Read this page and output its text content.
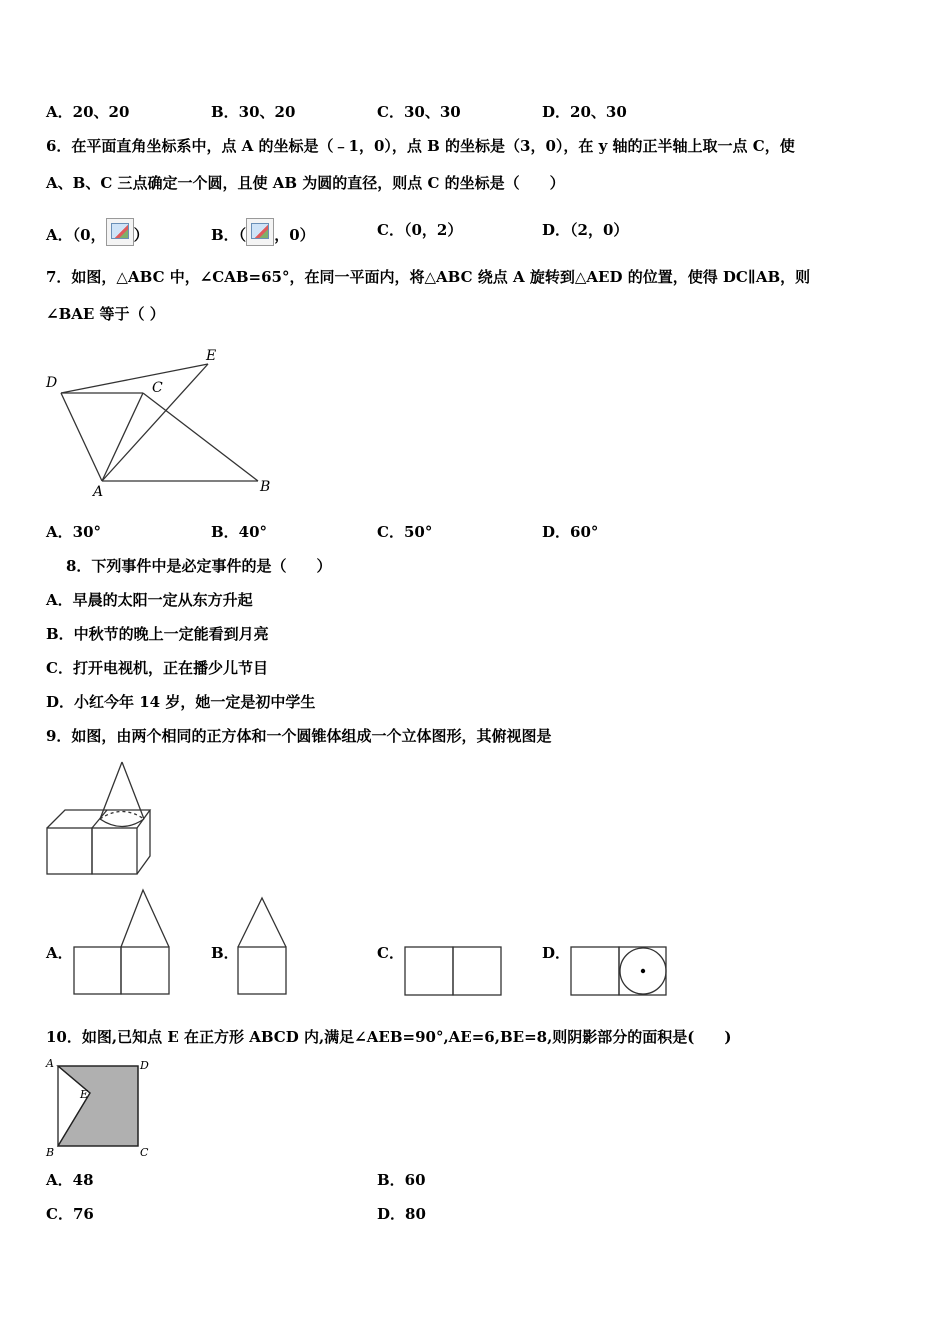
A．20、20	B．30、20	C．30、30	D．20、30
6．在平面直角坐标系中，点 A 的坐标是（﹣1，0），点 B 的坐标是（3，0），在 y 轴的正半轴上取一点 C，使
A、B、C 三点确定一个圆，且使 AB 为圆的直径，则点 C 的坐标是（　　）
A．（0， ）	B．（ ，0）	C．（0，2）	D．（2，0）
7．如图，△ABC 中，∠CAB=65°，在同一平面内，将△ABC 绕点 A 旋转到△AED 的位置，使得 DC∥AB，则
∠BAE 等于（ ）
D
E
C
A	B
A．30°	B．40°	C．50°	D．60°
8．下列事件中是必定事件的是（　　）
A．早晨的太阳一定从东方升起
B．中秋节的晚上一定能看到月亮
C．打开电视机，正在播少儿节目
D．小红今年 14 岁，她一定是初中学生
9．如图，由两个相同的正方体和一个圆锥体组成一个立体图形，其俯视图是
A．	B．	C．	D．
10．如图,已知点 E 在正方形 ABCD 内,满足∠AEB=90°,AE=6,BE=8,则阴影部分的面积是(　　)
A	D
E
B	C
A．48	B．60
C．76	D．80
